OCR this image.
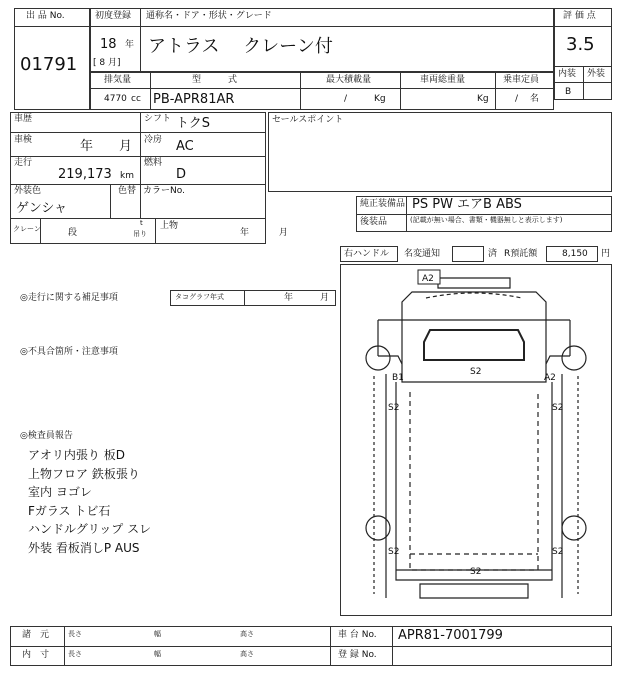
出 品 No.
01791
初度登録 通称名・ドア・形状・グレード
18 年
[ 8 月]
アトラス　 クレーン付
評 価 点
3.5
内装 外装
B
排気量	型　　　式	最大積載量	車両総重量	乗車定員
4770 cc PB-APR81AR	/　　　Kg	Kg	/　 名
車歴	シフト トクS
車検	年　　月 冷房 AC
走行
219,173 km
燃料
D
外装色
ゲンシャ
色替 カラーNo.
クレーン	段
t
吊り
上物
年　　　 月
セールスポイント
純正装備品 PS PW エアB ABS
後装品	(記載が無い場合、書類・機器無しと表示します)
右ハンドル 名変通知	済 R預託額	8,150 円
◎走行に関する補足事項	タコグラフ年式	年　　　月
◎不具合箇所・注意事項
◎検査員報告
アオリ内張り 板D
上物フロア 鉄板張り
室内 ヨゴレ
Fガラス トビ石
ハンドルグリップ スレ
外装 看板消しP AUS
A2
S2
B1	A2
S2	S2
S2	S2
S2
諸　元
内　寸
長さ	幅	高さ
長さ	幅	高さ
車 台 No. APR81-7001799
登 録 No.
